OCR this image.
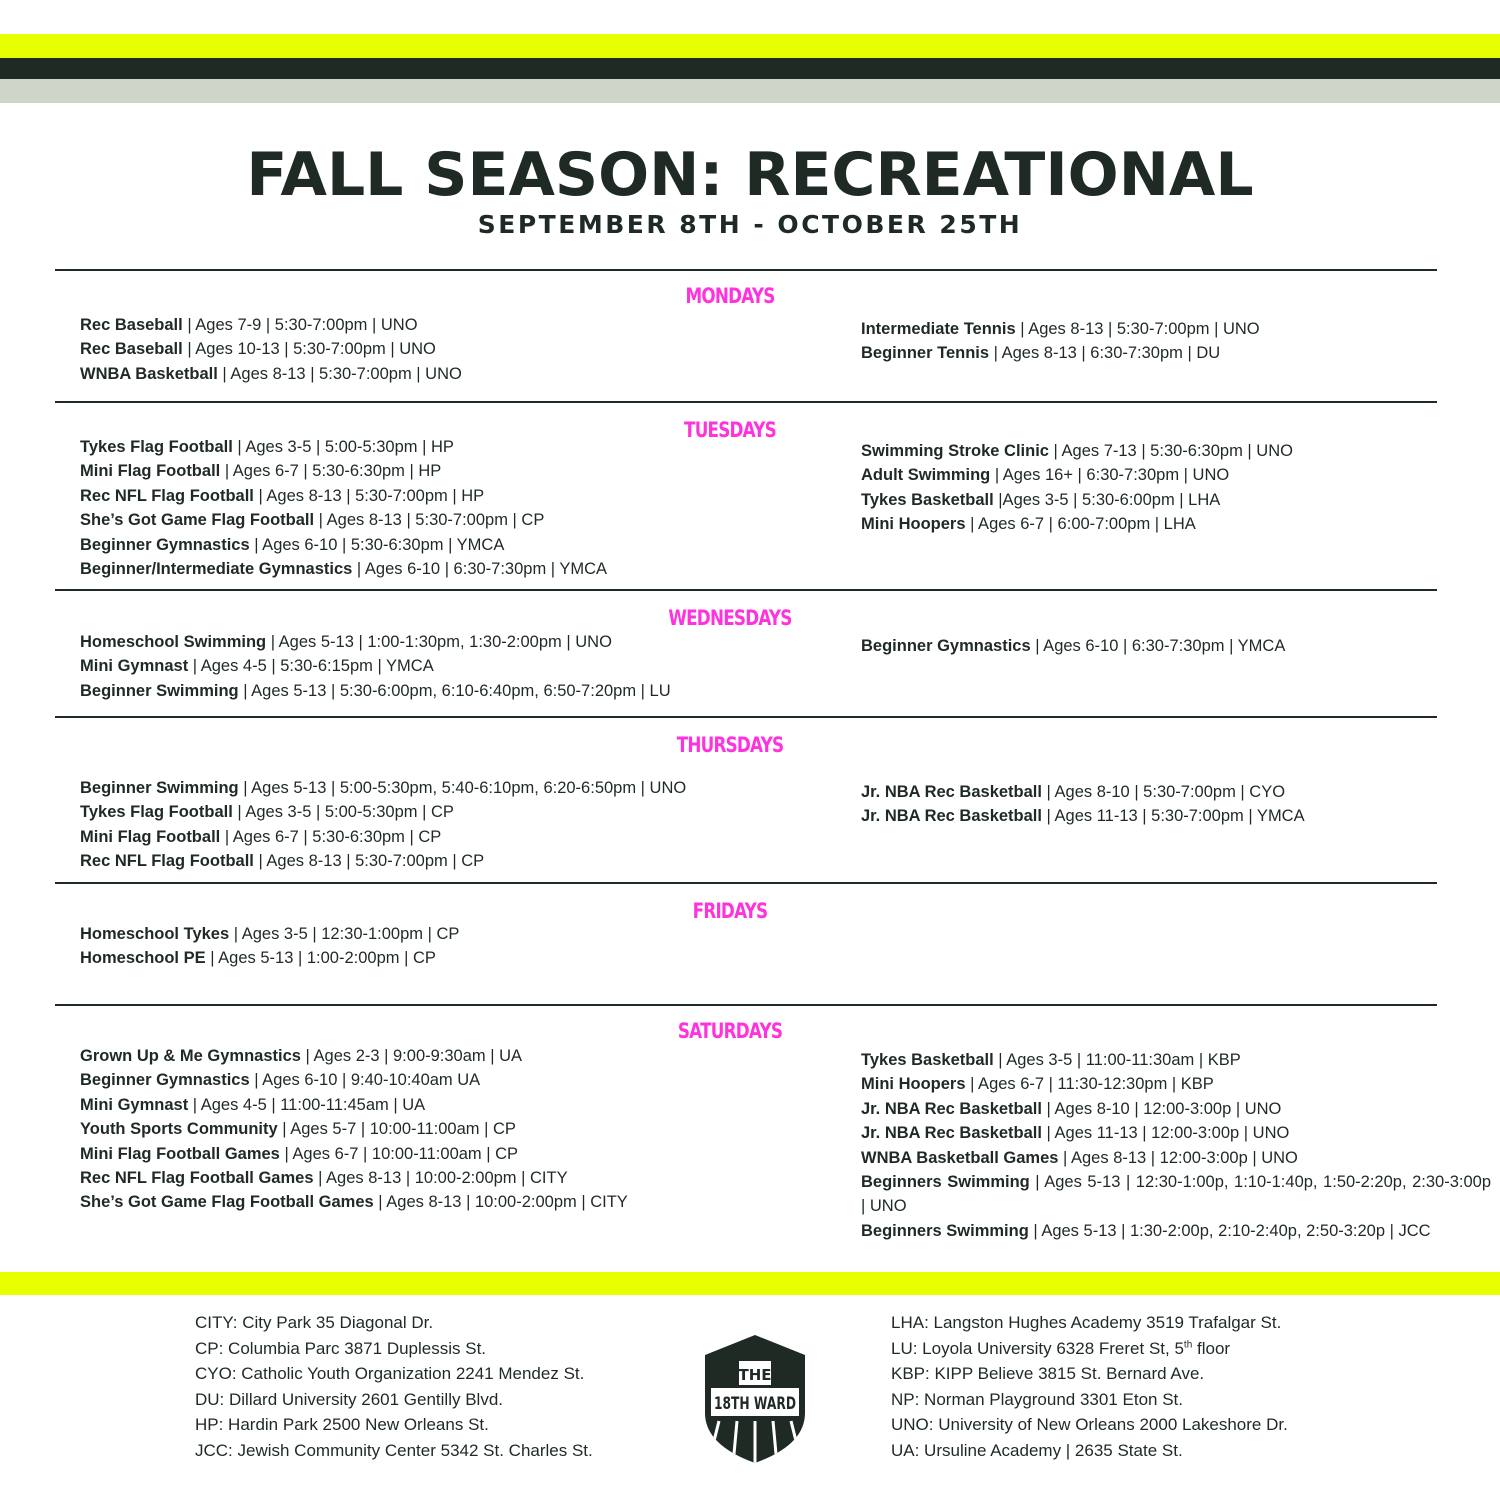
FALL SEASON: RECREATIONAL
SEPTEMBER 8TH - OCTOBER 25TH
MONDAYS
Rec Baseball | Ages 7-9 | 5:30-7:00pm | UNO
Rec Baseball | Ages 10-13 | 5:30-7:00pm | UNO
WNBA Basketball | Ages 8-13 | 5:30-7:00pm | UNO
Intermediate Tennis | Ages 8-13 | 5:30-7:00pm | UNO
Beginner Tennis | Ages 8-13 | 6:30-7:30pm | DU
TUESDAYS
Tykes Flag Football | Ages 3-5 | 5:00-5:30pm | HP
Mini Flag Football | Ages 6-7 | 5:30-6:30pm | HP
Rec NFL Flag Football | Ages 8-13 | 5:30-7:00pm | HP
She’s Got Game Flag Football | Ages 8-13 | 5:30-7:00pm | CP
Beginner Gymnastics | Ages 6-10 | 5:30-6:30pm | YMCA
Beginner/Intermediate Gymnastics | Ages 6-10 | 6:30-7:30pm | YMCA
Swimming Stroke Clinic | Ages 7-13 | 5:30-6:30pm | UNO
Adult Swimming | Ages 16+ | 6:30-7:30pm | UNO
Tykes Basketball |Ages 3-5 | 5:30-6:00pm | LHA
Mini Hoopers | Ages 6-7 | 6:00-7:00pm | LHA
WEDNESDAYS
Homeschool Swimming | Ages 5-13 | 1:00-1:30pm, 1:30-2:00pm | UNO
Mini Gymnast | Ages 4-5 | 5:30-6:15pm | YMCA
Beginner Swimming | Ages 5-13 | 5:30-6:00pm, 6:10-6:40pm, 6:50-7:20pm | LU
Beginner Gymnastics | Ages 6-10 | 6:30-7:30pm | YMCA
THURSDAYS
Beginner Swimming | Ages 5-13 | 5:00-5:30pm, 5:40-6:10pm, 6:20-6:50pm | UNO
Tykes Flag Football | Ages 3-5 | 5:00-5:30pm | CP
Mini Flag Football | Ages 6-7 | 5:30-6:30pm | CP
Rec NFL Flag Football | Ages 8-13 | 5:30-7:00pm | CP
Jr. NBA Rec Basketball | Ages 8-10 | 5:30-7:00pm | CYO
Jr. NBA Rec Basketball | Ages 11-13 | 5:30-7:00pm | YMCA
FRIDAYS
Homeschool Tykes | Ages 3-5 | 12:30-1:00pm | CP
Homeschool PE | Ages 5-13 | 1:00-2:00pm | CP
SATURDAYS
Grown Up & Me Gymnastics | Ages 2-3 | 9:00-9:30am | UA
Beginner Gymnastics | Ages 6-10 | 9:40-10:40am UA
Mini Gymnast | Ages 4-5 | 11:00-11:45am | UA
Youth Sports Community | Ages 5-7 | 10:00-11:00am | CP
Mini Flag Football Games | Ages 6-7 | 10:00-11:00am | CP
Rec NFL Flag Football Games | Ages 8-13 | 10:00-2:00pm | CITY
She’s Got Game Flag Football Games | Ages 8-13 | 10:00-2:00pm | CITY
Tykes Basketball | Ages 3-5 | 11:00-11:30am | KBP
Mini Hoopers | Ages 6-7 | 11:30-12:30pm | KBP
Jr. NBA Rec Basketball | Ages 8-10 | 12:00-3:00p | UNO
Jr. NBA Rec Basketball | Ages 11-13 | 12:00-3:00p | UNO
WNBA Basketball Games | Ages 8-13 | 12:00-3:00p | UNO
Beginners Swimming | Ages 5-13 | 12:30-1:00p, 1:10-1:40p, 1:50-2:20p, 2:30-3:00p | UNO
Beginners Swimming | Ages 5-13 | 1:30-2:00p, 2:10-2:40p, 2:50-3:20p | JCC
CITY: City Park 35 Diagonal Dr.
CP: Columbia Parc 3871 Duplessis St.
CYO: Catholic Youth Organization 2241 Mendez St.
DU: Dillard University 2601 Gentilly Blvd.
HP: Hardin Park 2500 New Orleans St.
JCC: Jewish Community Center 5342 St. Charles St.
LHA: Langston Hughes Academy 3519 Trafalgar St.
LU: Loyola University 6328 Freret St, 5th floor
KBP: KIPP Believe 3815 St. Bernard Ave.
NP: Norman Playground 3301 Eton St.
UNO: University of New Orleans 2000 Lakeshore Dr.
UA: Ursuline Academy | 2635 State St.
THE
18TH WARD
